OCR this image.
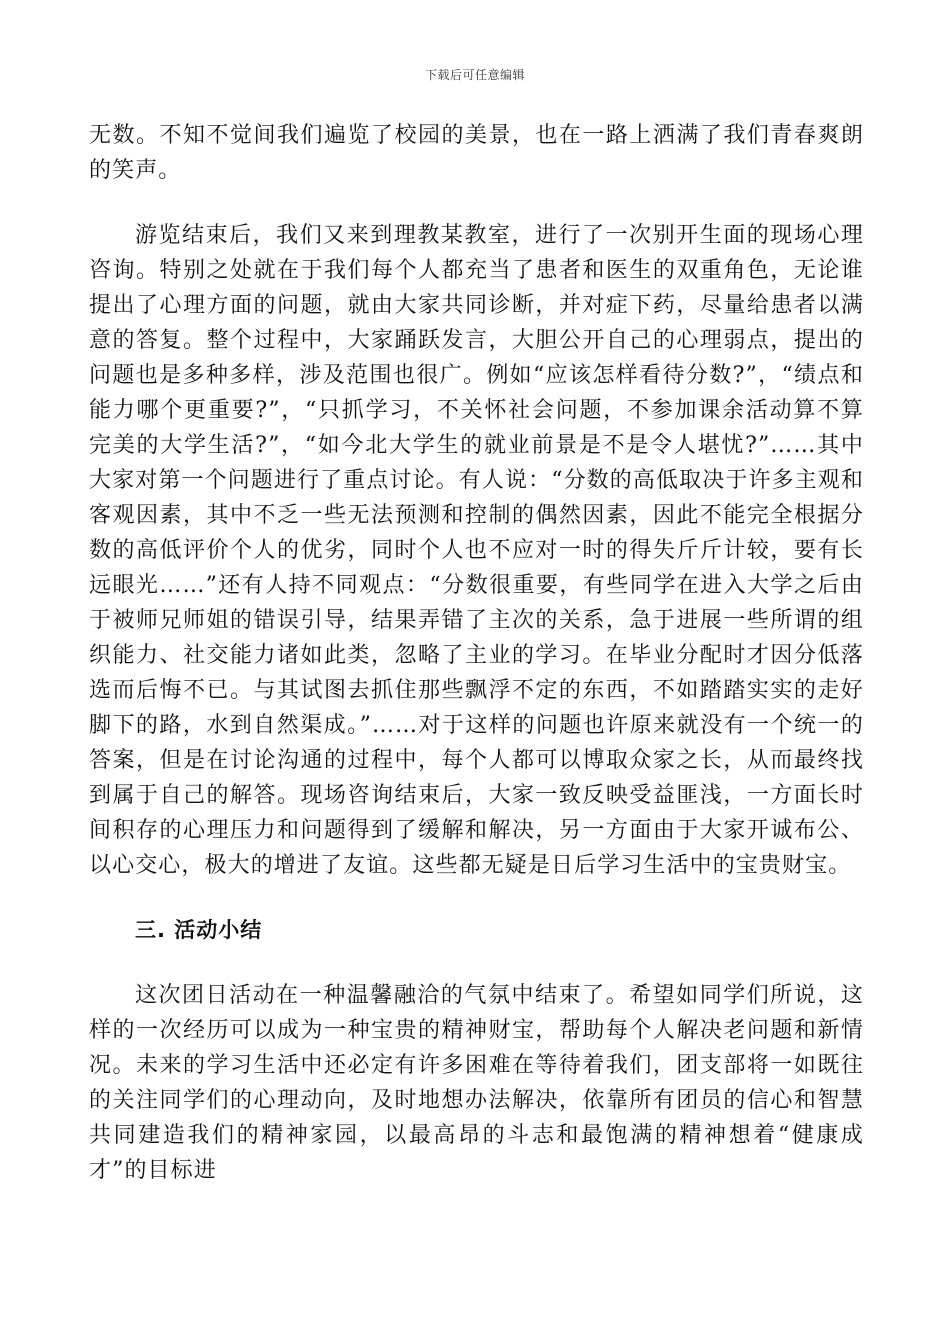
下载后可任意编辑

无数。不知不觉间我们遍览了校园的美景，也在一路上洒满了我们青春爽朗的笑声。

游览结束后，我们又来到理教某教室，进行了一次别开生面的现场心理咨询。特别之处就在于我们每个人都充当了患者和医生的双重角色，无论谁提出了心理方面的问题，就由大家共同诊断，并对症下药，尽量给患者以满意的答复。整个过程中，大家踊跃发言，大胆公开自己的心理弱点，提出的问题也是多种多样，涉及范围也很广。例如“应该怎样看待分数?”，“绩点和能力哪个更重要?”，“只抓学习，不关怀社会问题，不参加课余活动算不算完美的大学生活?”，“如今北大学生的就业前景是不是令人堪忧?”……其中大家对第一个问题进行了重点讨论。有人说：“分数的高低取决于许多主观和客观因素，其中不乏一些无法预测和控制的偶然因素，因此不能完全根据分数的高低评价个人的优劣，同时个人也不应对一时的得失斤斤计较，要有长远眼光……”还有人持不同观点：“分数很重要，有些同学在进入大学之后由于被师兄师姐的错误引导，结果弄错了主次的关系，急于进展一些所谓的组织能力、社交能力诸如此类，忽略了主业的学习。在毕业分配时才因分低落选而后悔不已。与其试图去抓住那些飘浮不定的东西，不如踏踏实实的走好脚下的路，水到自然渠成。”……对于这样的问题也许原来就没有一个统一的答案，但是在讨论沟通的过程中，每个人都可以博取众家之长，从而最终找到属于自己的解答。现场咨询结束后，大家一致反映受益匪浅，一方面长时间积存的心理压力和问题得到了缓解和解决，另一方面由于大家开诚布公、以心交心，极大的增进了友谊。这些都无疑是日后学习生活中的宝贵财宝。

三. 活动小结

这次团日活动在一种温馨融洽的气氛中结束了。希望如同学们所说，这样的一次经历可以成为一种宝贵的精神财宝，帮助每个人解决老问题和新情况。未来的学习生活中还必定有许多困难在等待着我们，团支部将一如既往的关注同学们的心理动向，及时地想办法解决，依靠所有团员的信心和智慧共同建造我们的精神家园，以最高昂的斗志和最饱满的精神想着“健康成才”的目标进
